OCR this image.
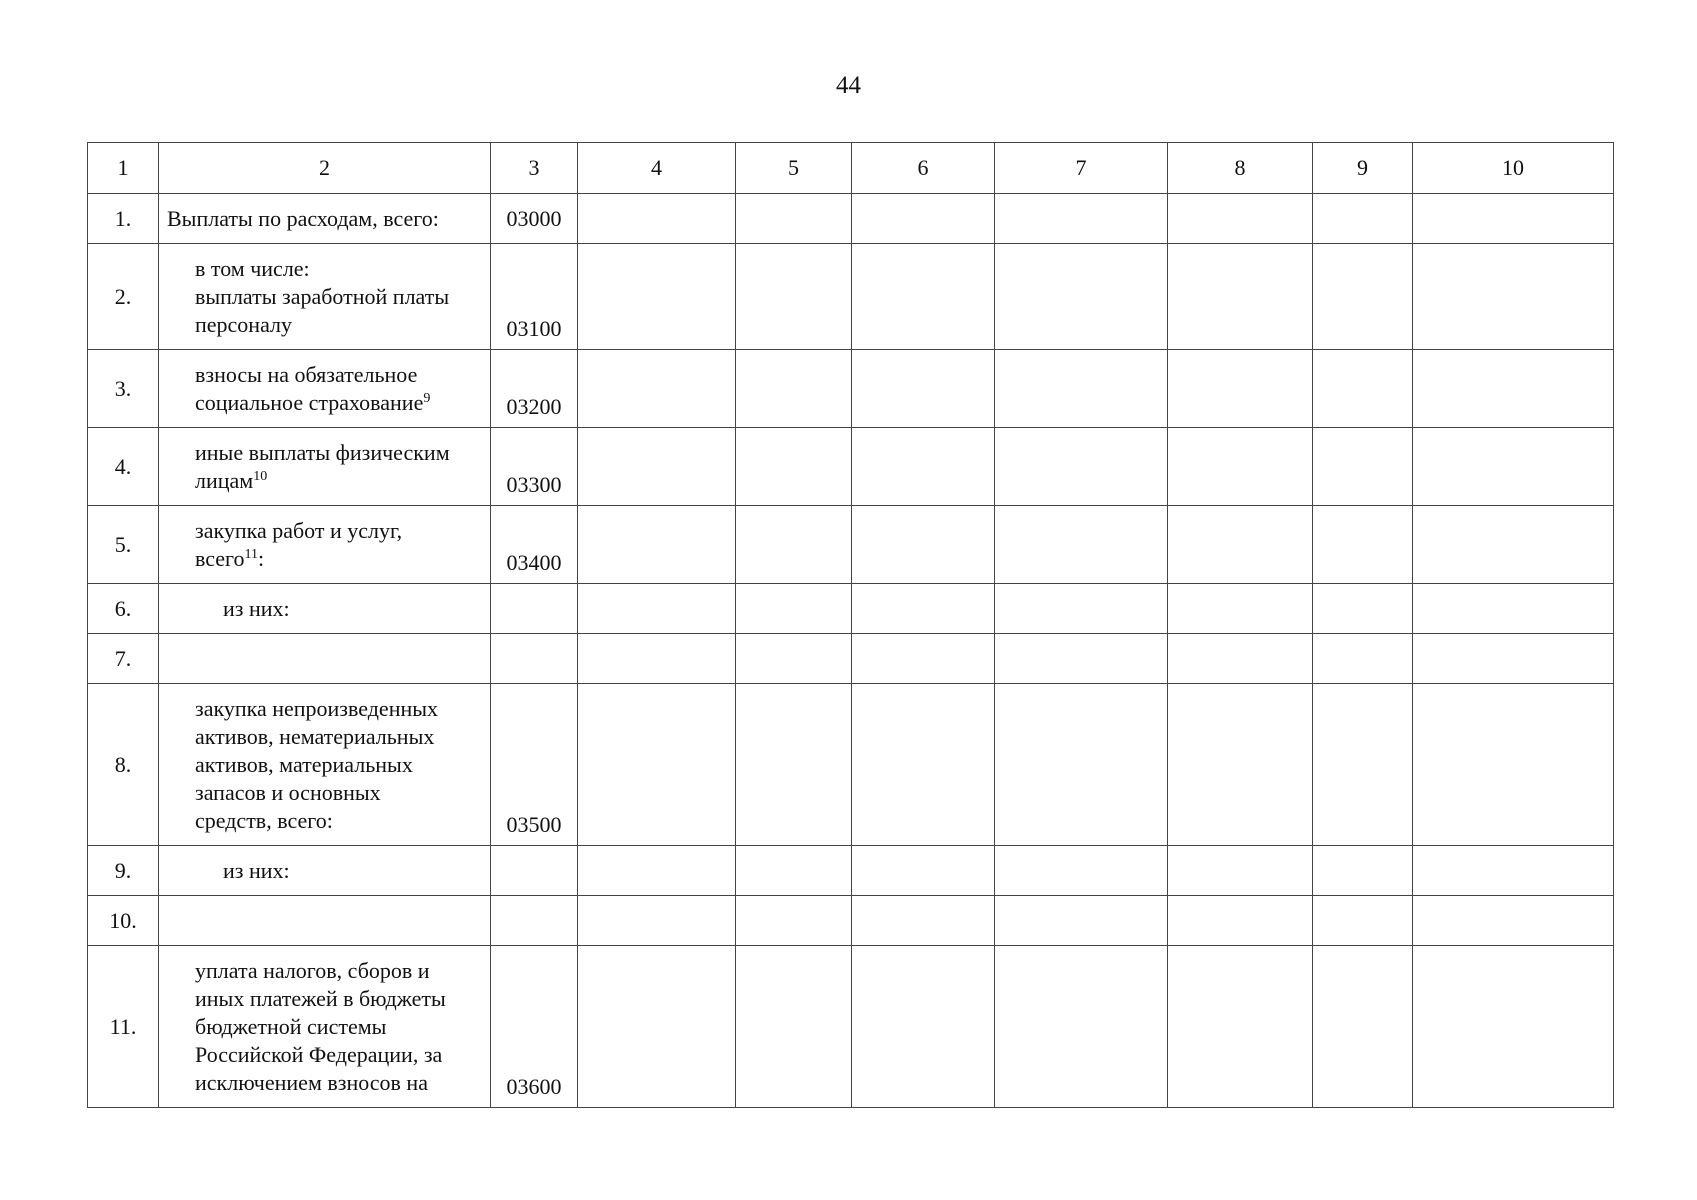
44
1	2	3	4	5	6	7	8	9	10
1.	Выплаты по расходам, всего:	03000							
2.	в том числе:
выплаты заработной платы
персоналу	03100							
3.	взносы на обязательное
социальное страхование$^9$	03200							
4.	иные выплаты физическим
лицам$^{10}$	03300							
5.	закупка работ и услуг,
всего$^{11}$:	03400							
6.	из них:								

7.									
8.	закупка непроизведенных
активов, нематериальных
активов, материальных
запасов и основных
средств, всего:	03500							
9.	из них:								

10.									
11.	уплата налогов, сборов и
иных платежей в бюджеты
бюджетной системы
Российской Федерации, за
исключением взносов на	03600							
